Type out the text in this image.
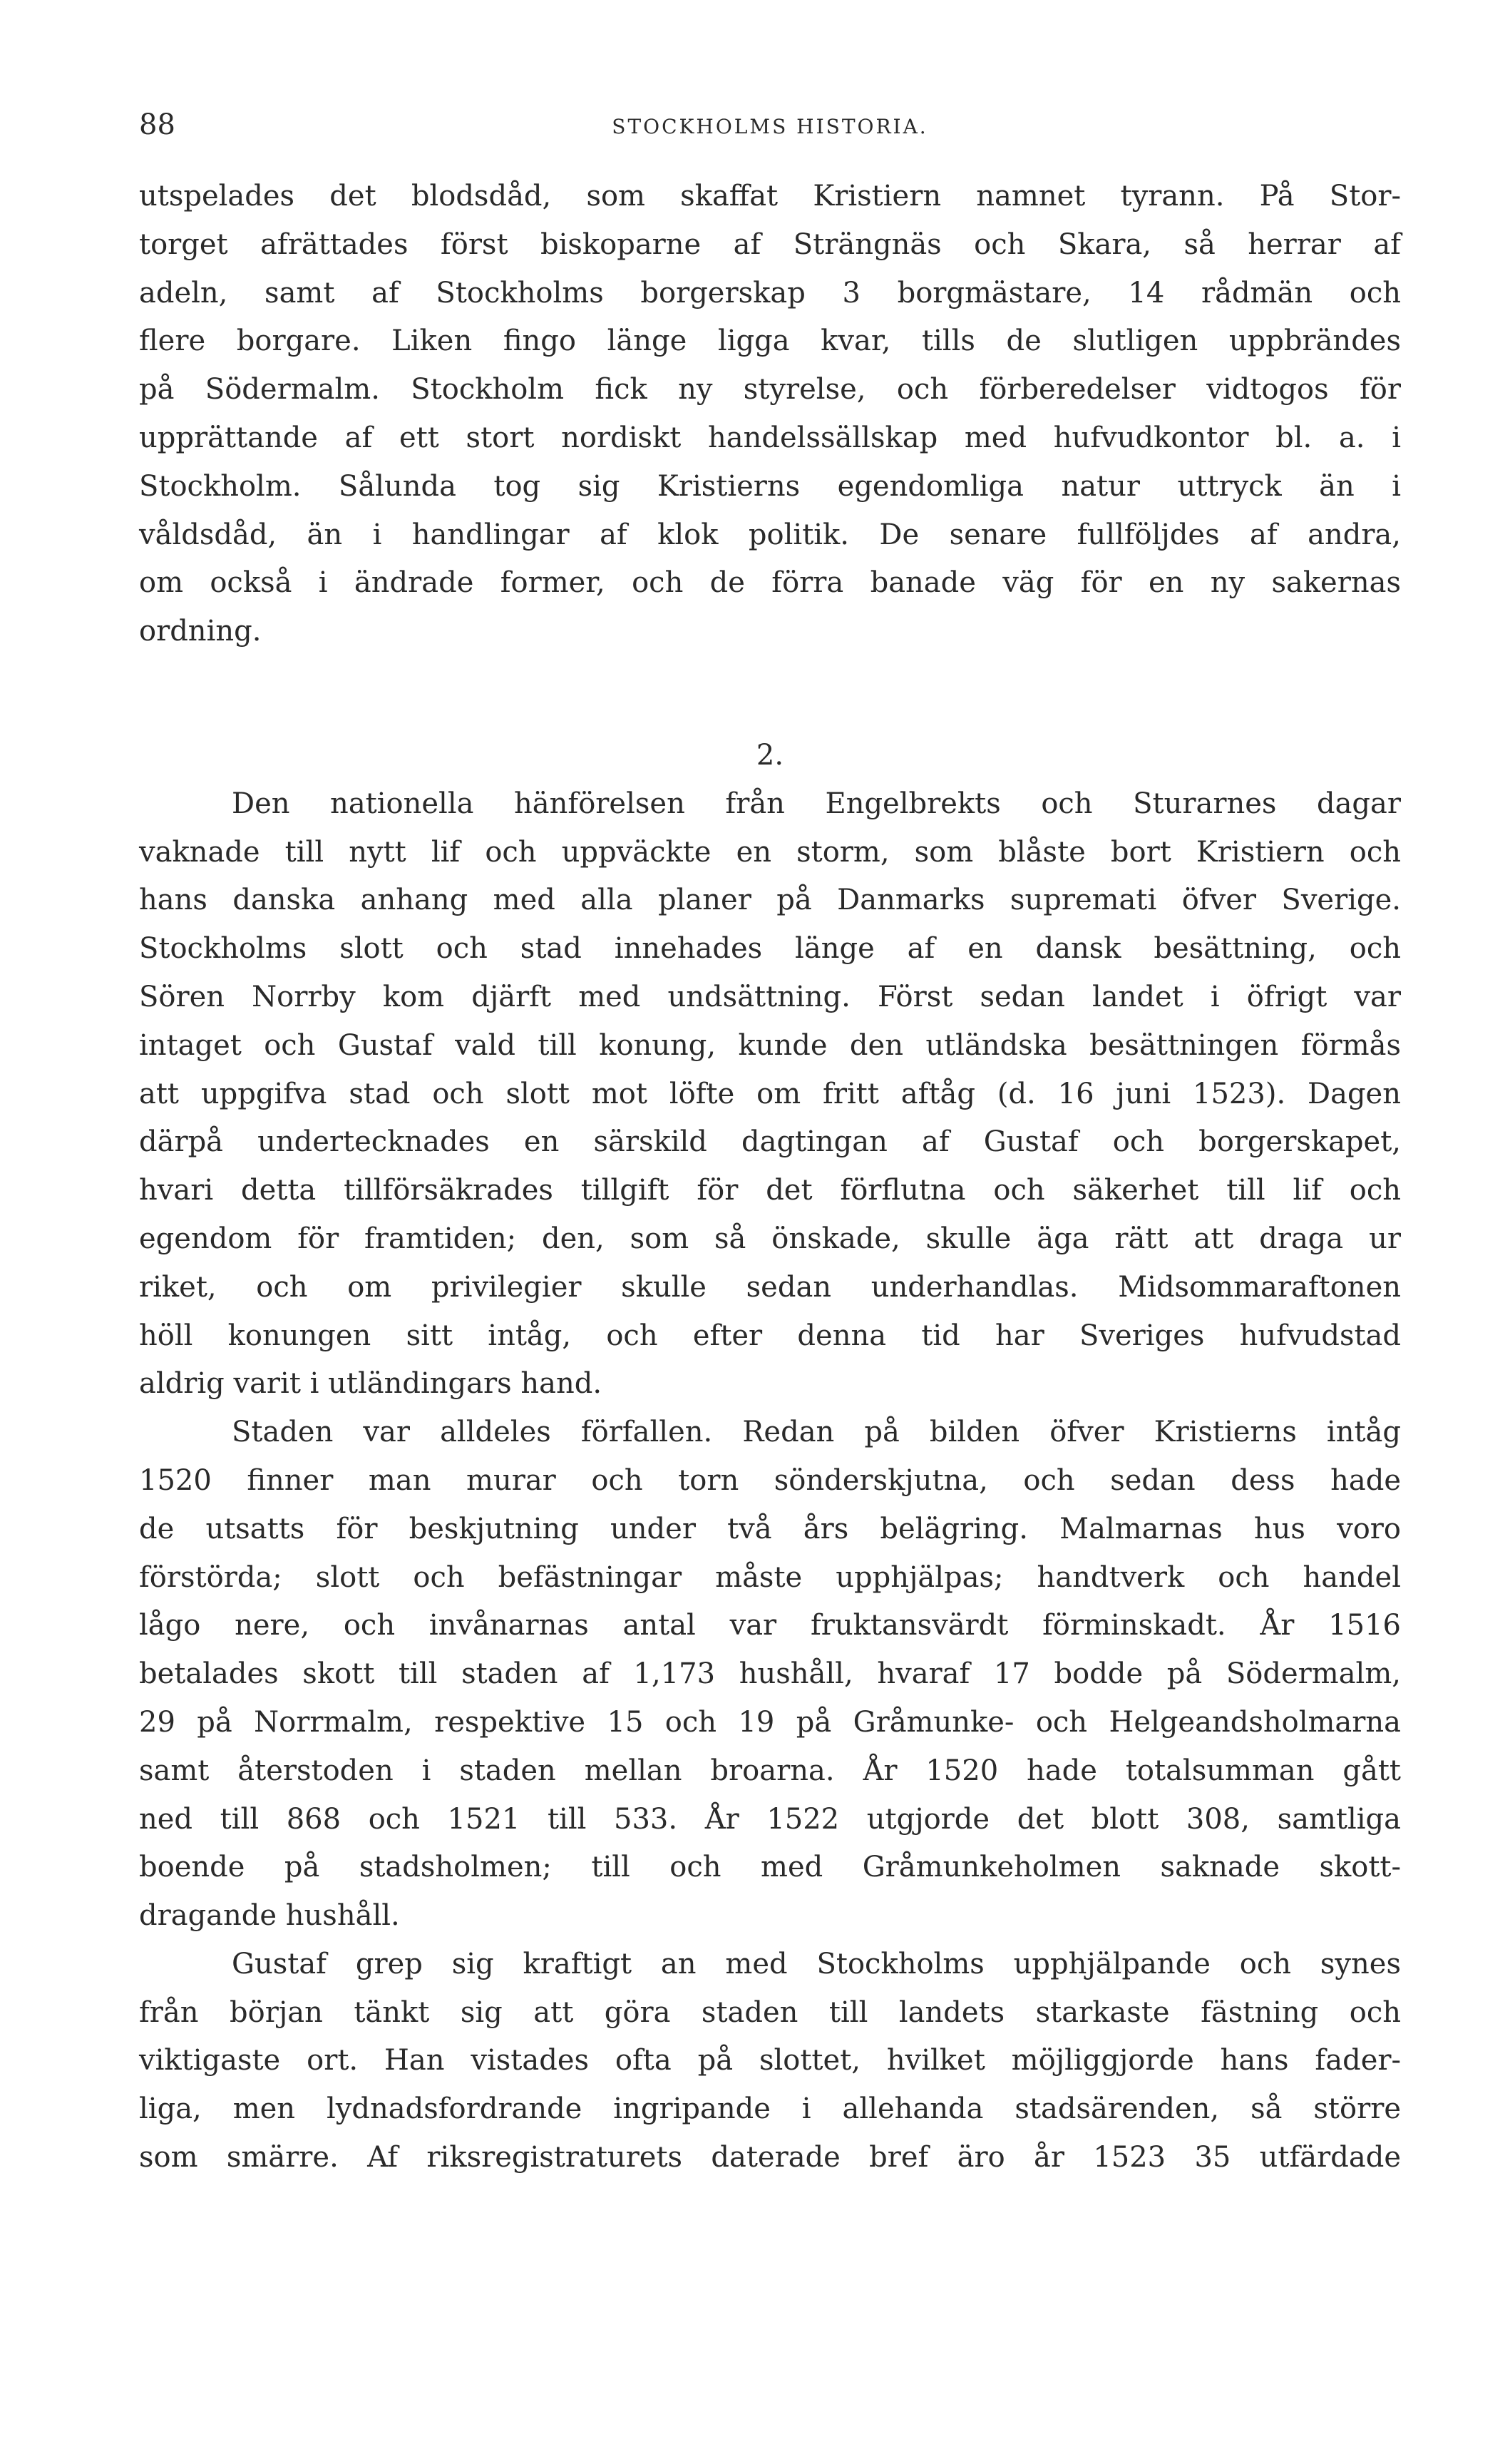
88	STOCKHOLMS HISTORIA.
utspelades det blodsdåd, som skaffat Kristiern namnet tyrann. På Stor-
torget afrättades först biskoparne af Strängnäs och Skara, så herrar af
adeln, samt af Stockholms borgerskap 3 borgmästare, 14 rådmän och
flere borgare. Liken fingo länge ligga kvar, tills de slutligen uppbrändes
på Södermalm. Stockholm fick ny styrelse, och förberedelser vidtogos för
upprättande af ett stort nordiskt handelssällskap med hufvudkontor bl. a. i
Stockholm. Sålunda tog sig Kristierns egendomliga natur uttryck än i
våldsdåd, än i handlingar af klok politik. De senare fullföljdes af andra,
om också i ändrade former, och de förra banade väg för en ny sakernas
ordning.
2.
Den nationella hänförelsen från Engelbrekts och Sturarnes dagar
vaknade till nytt lif och uppväckte en storm, som blåste bort Kristiern och
hans danska anhang med alla planer på Danmarks supremati öfver Sverige.
Stockholms slott och stad innehades länge af en dansk besättning, och
Sören Norrby kom djärft med undsättning. Först sedan landet i öfrigt var
intaget och Gustaf vald till konung, kunde den utländska besättningen förmås
att uppgifva stad och slott mot löfte om fritt aftåg (d. 16 juni 1523). Dagen
därpå undertecknades en särskild dagtingan af Gustaf och borgerskapet,
hvari detta tillförsäkrades tillgift för det förflutna och säkerhet till lif och
egendom för framtiden; den, som så önskade, skulle äga rätt att draga ur
riket, och om privilegier skulle sedan underhandlas. Midsommaraftonen
höll konungen sitt intåg, och efter denna tid har Sveriges hufvudstad
aldrig varit i utländingars hand.
Staden var alldeles förfallen. Redan på bilden öfver Kristierns intåg
1520 finner man murar och torn sönderskjutna, och sedan dess hade
de utsatts för beskjutning under två års belägring. Malmarnas hus voro
förstörda; slott och befästningar måste upphjälpas; handtverk och handel
lågo nere, och invånarnas antal var fruktansvärdt förminskadt. År 1516
betalades skott till staden af 1,173 hushåll, hvaraf 17 bodde på Södermalm,
29 på Norrmalm, respektive 15 och 19 på Gråmunke- och Helgeandsholmarna
samt återstoden i staden mellan broarna. År 1520 hade totalsumman gått
ned till 868 och 1521 till 533. År 1522 utgjorde det blott 308, samtliga
boende på stadsholmen; till och med Gråmunkeholmen saknade skott-
dragande hushåll.
Gustaf grep sig kraftigt an med Stockholms upphjälpande och synes
från början tänkt sig att göra staden till landets starkaste fästning och
viktigaste ort. Han vistades ofta på slottet, hvilket möjliggjorde hans fader-
liga, men lydnadsfordrande ingripande i allehanda stadsärenden, så större
som smärre. Af riksregistraturets daterade bref äro år 1523 35 utfärdade
